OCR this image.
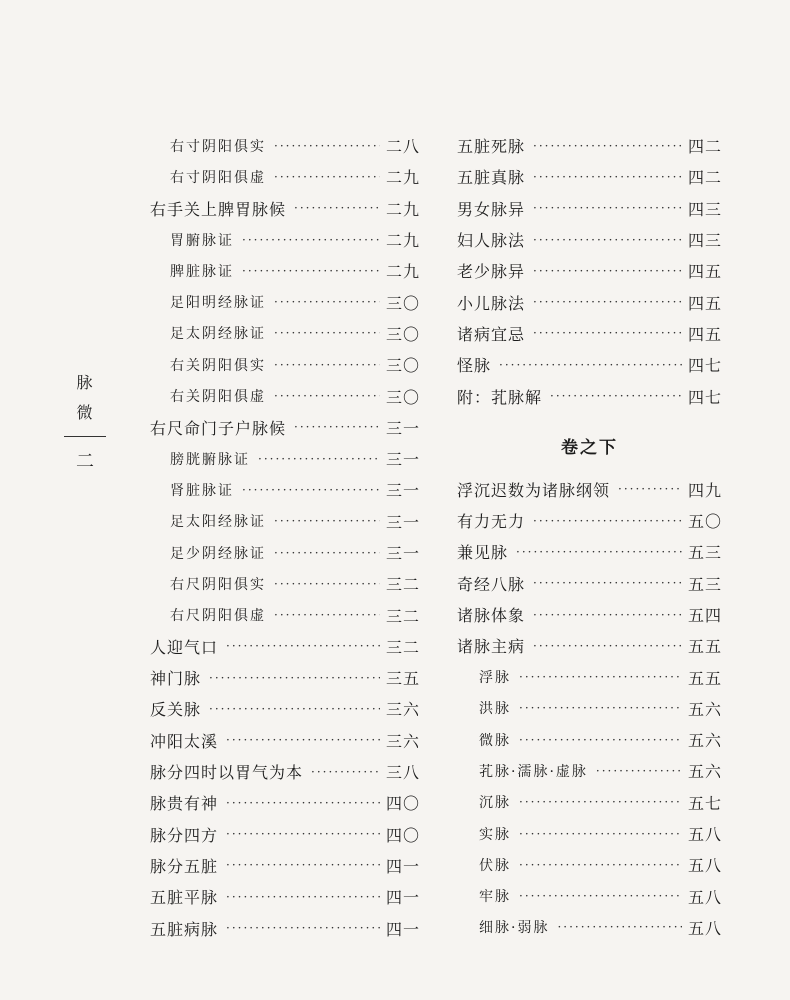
脉
微
二
右寸阴阳俱实 ·····	二八
右寸阴阳俱虚 ·····	二九
右手关上脾胃脉候 ·····	二九
胃腑脉证 ·····	二九
脾脏脉证 ·····	二九
足阳明经脉证 ·····	三〇
足太阴经脉证 ·····	三〇
右关阴阳俱实 ·····	三〇
右关阴阳俱虚 ·····	三〇
右尺命门子户脉候 ·····	三一
膀胱腑脉证 ·····	三一
肾脏脉证 ·····	三一
足太阳经脉证 ·····	三一
足少阴经脉证 ·····	三一
右尺阴阳俱实 ·····	三二
右尺阴阳俱虚 ·····	三二
人迎气口 ·····	三二
神门脉 ·····	三五
反关脉 ·····	三六
冲阳太溪 ·····	三六
脉分四时以胃气为本 ·····	三八
脉贵有神 ·····	四〇
脉分四方 ·····	四〇
脉分五脏 ·····	四一
五脏平脉 ·····	四一
五脏病脉 ·····	四一
五脏死脉 ·····	四二
五脏真脉 ·····	四二
男女脉异 ·····	四三
妇人脉法 ·····	四三
老少脉异 ·····	四五
小儿脉法 ·····	四五
诸病宜忌 ·····	四五
怪脉 ·····	四七
附：芤脉解 ·····	四七
卷之下
浮沉迟数为诸脉纲领 ·····	四九
有力无力 ·····	五〇
兼见脉 ·····	五三
奇经八脉 ·····	五三
诸脉体象 ·····	五四
诸脉主病 ·····	五五
浮脉 ·····	五五
洪脉 ·····	五六
微脉 ·····	五六
芤脉·濡脉·虚脉 ·····	五六
沉脉 ·····	五七
实脉 ·····	五八
伏脉 ·····	五八
牢脉 ·····	五八
细脉·弱脉 ·····	五八
